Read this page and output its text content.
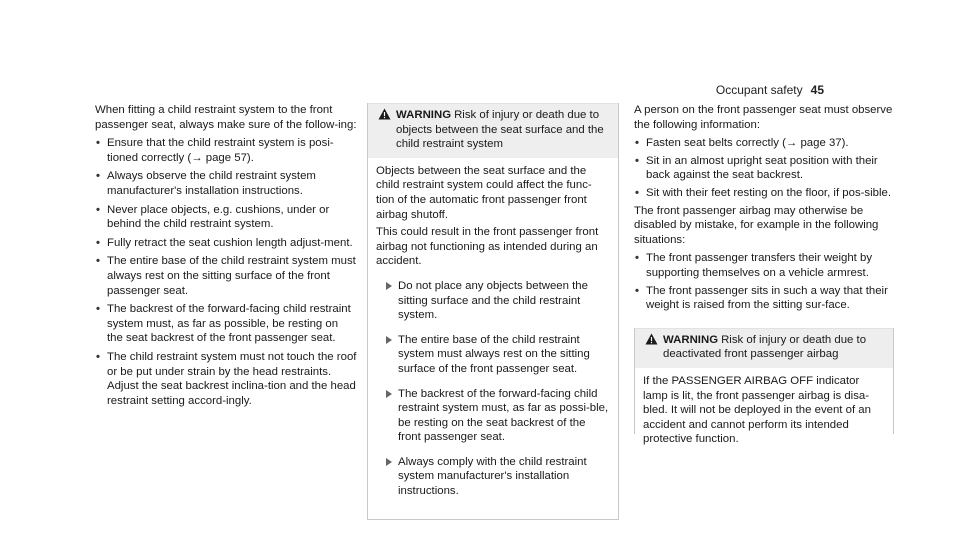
Occupant safety 45

When fitting a child restraint system to the front passenger seat, always make sure of the follow-ing:

• Ensure that the child restraint system is posi-tioned correctly (→ page 57).
• Always observe the child restraint system manufacturer's installation instructions.
• Never place objects, e.g. cushions, under or behind the child restraint system.
• Fully retract the seat cushion length adjust-ment.
• The entire base of the child restraint system must always rest on the sitting surface of the front passenger seat.
• The backrest of the forward-facing child restraint system must, as far as possible, be resting on the seat backrest of the front passenger seat.
• The child restraint system must not touch the roof or be put under strain by the head restraints. Adjust the seat backrest inclina-tion and the head restraint setting accord-ingly.
WARNING Risk of injury or death due to objects between the seat surface and the child restraint system

Objects between the seat surface and the child restraint system could affect the func-tion of the automatic front passenger front airbag shutoff.

This could result in the front passenger front airbag not functioning as intended during an accident.

Do not place any objects between the sitting surface and the child restraint system.
The entire base of the child restraint system must always rest on the sitting surface of the front passenger seat.
The backrest of the forward-facing child restraint system must, as far as possi-ble, be resting on the seat backrest of the front passenger seat.
Always comply with the child restraint system manufacturer's installation instructions.

A person on the front passenger seat must observe the following information:

• Fasten seat belts correctly (→ page 37).
• Sit in an almost upright seat position with their back against the seat backrest.
• Sit with their feet resting on the floor, if pos-sible.

The front passenger airbag may otherwise be disabled by mistake, for example in the following situations:

• The front passenger transfers their weight by supporting themselves on a vehicle armrest.
• The front passenger sits in such a way that their weight is raised from the sitting sur-face.
WARNING Risk of injury or death due to deactivated front passenger airbag

If the PASSENGER AIRBAG OFF indicator lamp is lit, the front passenger airbag is disa-bled. It will not be deployed in the event of an accident and cannot perform its intended protective function.
